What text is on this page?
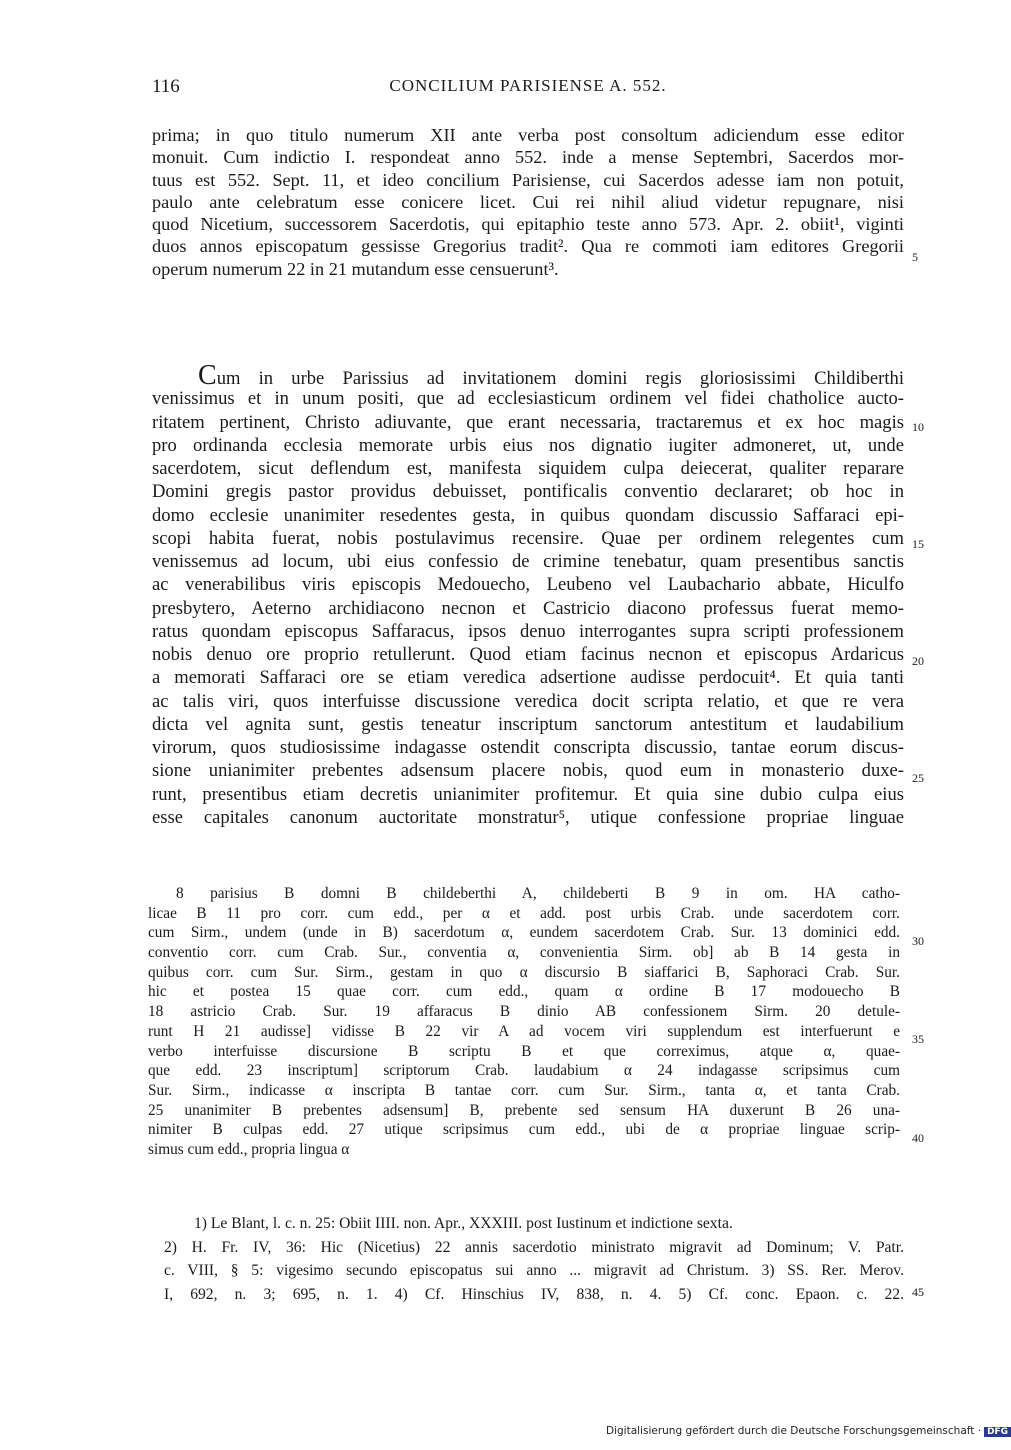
116	CONCILIUM PARISIENSE A. 552.
prima; in quo titulo numerum XII ante verba post consoltum adiciendum esse editor
monuit. Cum indictio I. respondeat anno 552. inde a mense Septembri, Sacerdos mor-
tuus est 552. Sept. 11, et ideo concilium Parisiense, cui Sacerdos adesse iam non potuit,
paulo ante celebratum esse conicere licet. Cui rei nihil aliud videtur repugnare, nisi
quod Nicetium, successorem Sacerdotis, qui epitaphio teste anno 573. Apr. 2. obiit¹, viginti
duos annos episcopatum gessisse Gregorius tradit². Qua re commoti iam editores Gregorii
operum numerum 22 in 21 mutandum esse censuerunt³.
Cum in urbe Parissius ad invitationem domini regis gloriosissimi Childiberthi
venissimus et in unum positi, que ad ecclesiasticum ordinem vel fidei chatholice aucto-
ritatem pertinent, Christo adiuvante, que erant necessaria, tractaremus et ex hoc magis
pro ordinanda ecclesia memorate urbis eius nos dignatio iugiter admoneret, ut, unde
sacerdotem, sicut deflendum est, manifesta siquidem culpa deiecerat, qualiter reparare
Domini gregis pastor providus debuisset, pontificalis conventio declararet; ob hoc in
domo ecclesie unanimiter resedentes gesta, in quibus quondam discussio Saffaraci epi-
scopi habita fuerat, nobis postulavimus recensire. Quae per ordinem relegentes cum
venissemus ad locum, ubi eius confessio de crimine tenebatur, quam presentibus sanctis
ac venerabilibus viris episcopis Medouecho, Leubeno vel Laubachario abbate, Hiculfo
presbytero, Aeterno archidiacono necnon et Castricio diacono professus fuerat memo-
ratus quondam episcopus Saffaracus, ipsos denuo interrogantes supra scripti professionem
nobis denuo ore proprio retullerunt. Quod etiam facinus necnon et episcopus Ardaricus
a memorati Saffaraci ore se etiam veredica adsertione audisse perdocuit⁴. Et quia tanti
ac talis viri, quos interfuisse discussione veredica docit scripta relatio, et que re vera
dicta vel agnita sunt, gestis teneatur inscriptum sanctorum antestitum et laudabilium
virorum, quos studiosissime indagasse ostendit conscripta discussio, tantae eorum discus-
sione unianimiter prebentes adsensum placere nobis, quod eum in monasterio duxe-
runt, presentibus etiam decretis unianimiter profitemur. Et quia sine dubio culpa eius
esse capitales canonum auctoritate monstratur⁵, utique confessione propriae linguae
8 parisius B domni B childeberthi A, childeberti B 9 in om. HA catho-
licae B 11 pro corr. cum edd., per α et add. post urbis Crab. unde sacerdotem corr.
cum Sirm., undem (unde in B) sacerdotum α, eundem sacerdotem Crab. Sur. 13 dominici edd.
conventio corr. cum Crab. Sur., conventia α, convenientia Sirm. ob] ab B 14 gesta in
quibus corr. cum Sur. Sirm., gestam in quo α discursio B siaffarici B, Saphoraci Crab. Sur.
hic et postea 15 quae corr. cum edd., quam α ordine B 17 modouecho B
18 astricio Crab. Sur. 19 affaracus B dinio AB confessionem Sirm. 20 detule-
runt H 21 audisse] vidisse B 22 vir A ad vocem viri supplendum est interfuerunt e
verbo interfuisse discursione B scriptu B et que correximus, atque α, quae-
que edd. 23 inscriptum] scriptorum Crab. laudabium α 24 indagasse scripsimus cum
Sur. Sirm., indicasse α inscripta B tantae corr. cum Sur. Sirm., tanta α, et tanta Crab.
25 unanimiter B prebentes adsensum] B, prebente sed sensum HA duxerunt B 26 una-
nimiter B culpas edd. 27 utique scripsimus cum edd., ubi de α propriae linguae scrip-
simus cum edd., propria lingua α
1) Le Blant, l. c. n. 25: Obiit IIII. non. Apr., XXXIII. post Iustinum et indictione sexta.
2) H. Fr. IV, 36: Hic (Nicetius) 22 annis sacerdotio ministrato migravit ad Dominum; V. Patr.
c. VIII, § 5: vigesimo secundo episcopatus sui anno ... migravit ad Christum. 3) SS. Rer. Merov.
I, 692, n. 3; 695, n. 1. 4) Cf. Hinschius IV, 838, n. 4. 5) Cf. conc. Epaon. c. 22.
5
10
15
20
25
30
35
40
45
Digitalisierung gefördert durch die Deutsche Forschungsgemeinschaft · DFG
